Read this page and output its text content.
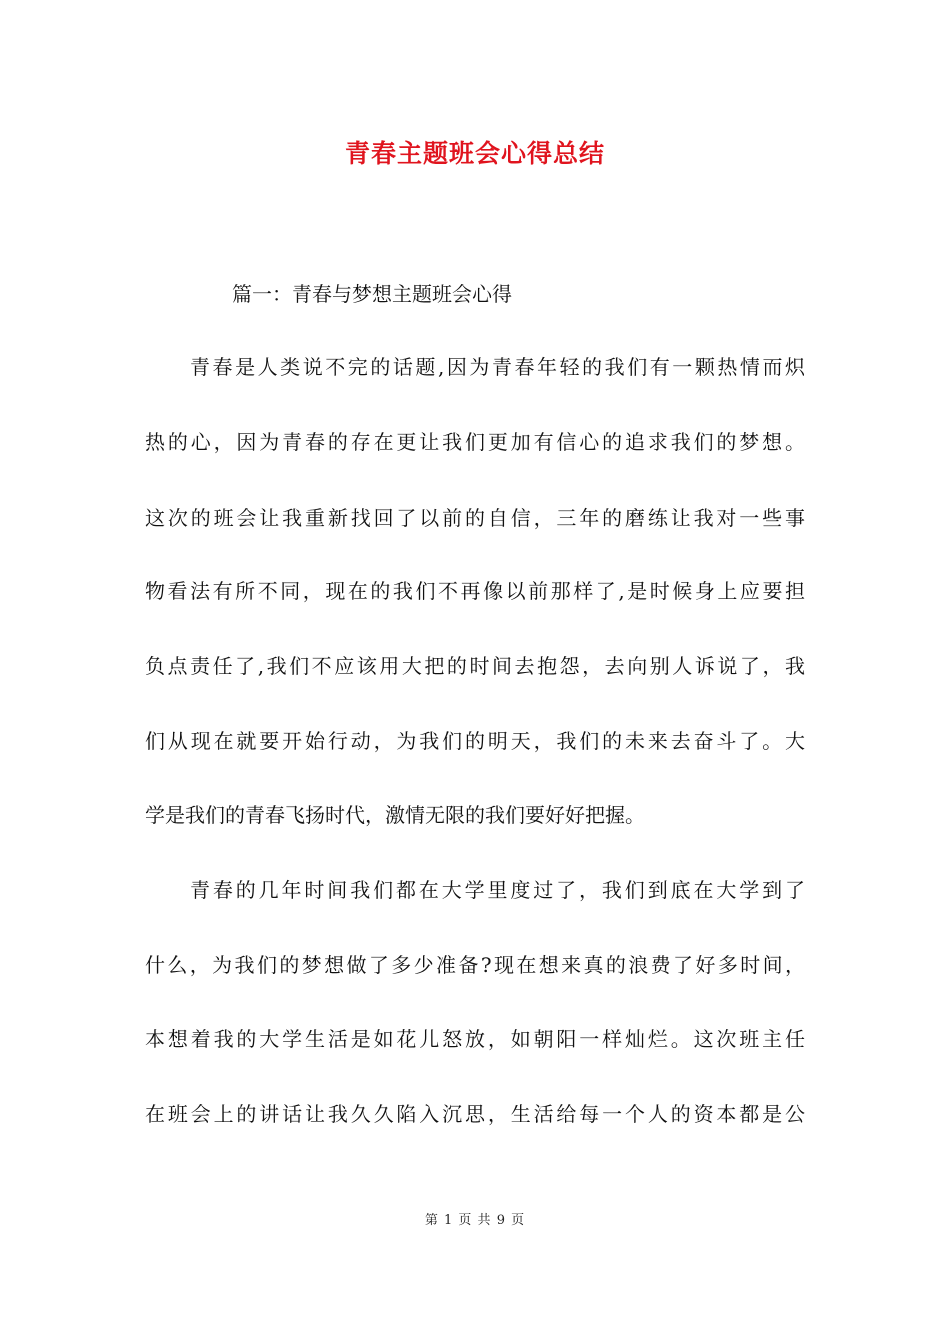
青春主题班会心得总结
篇一：青春与梦想主题班会心得
青春是人类说不完的话题,因为青春年轻的我们有一颗热情而炽
热的心，因为青春的存在更让我们更加有信心的追求我们的梦想。
这次的班会让我重新找回了以前的自信，三年的磨练让我对一些事
物看法有所不同，现在的我们不再像以前那样了,是时候身上应要担
负点责任了,我们不应该用大把的时间去抱怨，去向别人诉说了，我
们从现在就要开始行动，为我们的明天，我们的未来去奋斗了。大
学是我们的青春飞扬时代，激情无限的我们要好好把握。
青春的几年时间我们都在大学里度过了，我们到底在大学到了
什么，为我们的梦想做了多少准备?现在想来真的浪费了好多时间，
本想着我的大学生活是如花儿怒放，如朝阳一样灿烂。这次班主任
在班会上的讲话让我久久陷入沉思，生活给每一个人的资本都是公
第 1 页 共 9 页
